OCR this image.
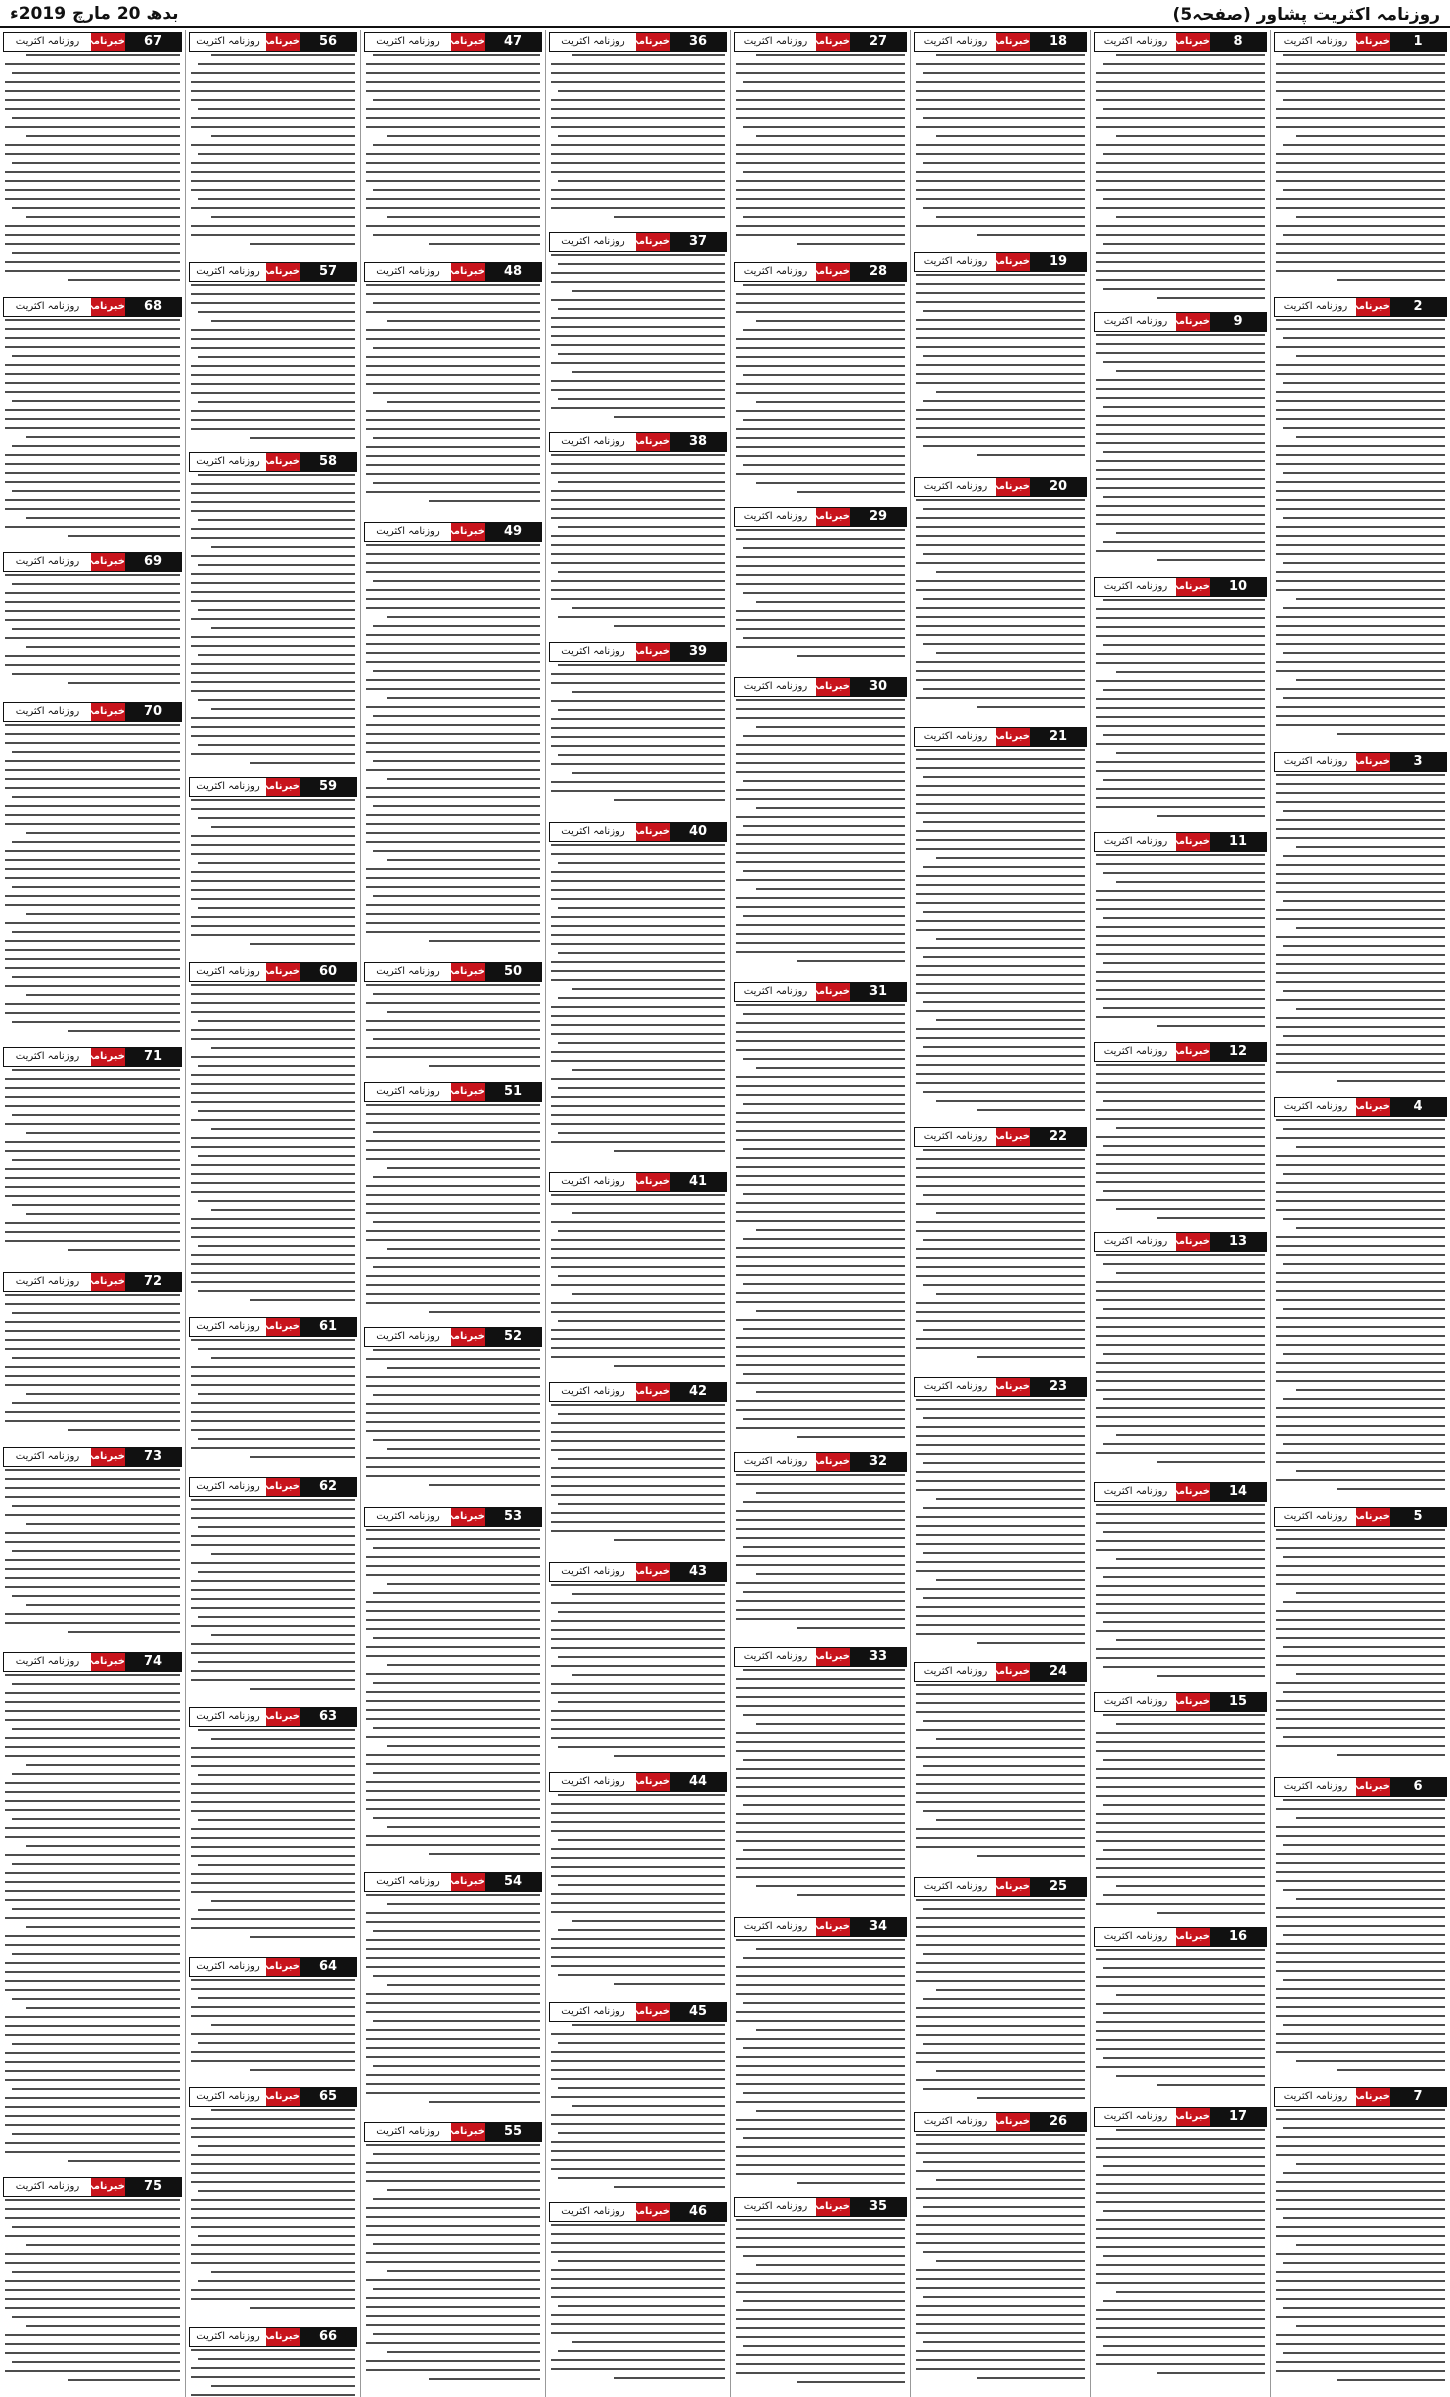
بدھ 20 مارچ 2019ء	روزنامہ اکثریت پشاور (صفحہ5)
روزنامہ اکثریت خبرنامہ	1
روزنامہ اکثریت خبرنامہ	2
روزنامہ اکثریت خبرنامہ	3
روزنامہ اکثریت خبرنامہ	4
روزنامہ اکثریت خبرنامہ	5
روزنامہ اکثریت خبرنامہ	6
روزنامہ اکثریت خبرنامہ	7
روزنامہ اکثریت خبرنامہ	8
روزنامہ اکثریت خبرنامہ	9
روزنامہ اکثریت خبرنامہ	10
روزنامہ اکثریت خبرنامہ	11
روزنامہ اکثریت خبرنامہ	12
روزنامہ اکثریت خبرنامہ	13
روزنامہ اکثریت خبرنامہ	14
روزنامہ اکثریت خبرنامہ	15
روزنامہ اکثریت خبرنامہ	16
روزنامہ اکثریت خبرنامہ	17
روزنامہ اکثریت خبرنامہ	18
روزنامہ اکثریت خبرنامہ	19
روزنامہ اکثریت خبرنامہ	20
روزنامہ اکثریت خبرنامہ	21
روزنامہ اکثریت خبرنامہ	22
روزنامہ اکثریت خبرنامہ	23
روزنامہ اکثریت خبرنامہ	24
روزنامہ اکثریت خبرنامہ	25
روزنامہ اکثریت خبرنامہ	26
روزنامہ اکثریت خبرنامہ	27
روزنامہ اکثریت خبرنامہ	28
روزنامہ اکثریت خبرنامہ	29
روزنامہ اکثریت خبرنامہ	30
روزنامہ اکثریت خبرنامہ	31
روزنامہ اکثریت خبرنامہ	32
روزنامہ اکثریت خبرنامہ	33
روزنامہ اکثریت خبرنامہ	34
روزنامہ اکثریت خبرنامہ	35
روزنامہ اکثریت خبرنامہ	36
روزنامہ اکثریت خبرنامہ	37
روزنامہ اکثریت خبرنامہ	38
روزنامہ اکثریت خبرنامہ	39
روزنامہ اکثریت خبرنامہ	40
روزنامہ اکثریت خبرنامہ	41
روزنامہ اکثریت خبرنامہ	42
روزنامہ اکثریت خبرنامہ	43
روزنامہ اکثریت خبرنامہ	44
روزنامہ اکثریت خبرنامہ	45
روزنامہ اکثریت خبرنامہ	46
روزنامہ اکثریت خبرنامہ	47
روزنامہ اکثریت خبرنامہ	48
روزنامہ اکثریت خبرنامہ	49
روزنامہ اکثریت خبرنامہ	50
روزنامہ اکثریت خبرنامہ	51
روزنامہ اکثریت خبرنامہ	52
روزنامہ اکثریت خبرنامہ	53
روزنامہ اکثریت خبرنامہ	54
روزنامہ اکثریت خبرنامہ	55
روزنامہ اکثریت خبرنامہ	56
روزنامہ اکثریت خبرنامہ	57
روزنامہ اکثریت خبرنامہ	58
روزنامہ اکثریت خبرنامہ	59
روزنامہ اکثریت خبرنامہ	60
روزنامہ اکثریت خبرنامہ	61
روزنامہ اکثریت خبرنامہ	62
روزنامہ اکثریت خبرنامہ	63
روزنامہ اکثریت خبرنامہ	64
روزنامہ اکثریت خبرنامہ	65
روزنامہ اکثریت خبرنامہ	66
روزنامہ اکثریت خبرنامہ	67
روزنامہ اکثریت خبرنامہ	68
روزنامہ اکثریت خبرنامہ	69
روزنامہ اکثریت خبرنامہ	70
روزنامہ اکثریت خبرنامہ	71
روزنامہ اکثریت خبرنامہ	72
روزنامہ اکثریت خبرنامہ	73
روزنامہ اکثریت خبرنامہ	74
روزنامہ اکثریت خبرنامہ	75
